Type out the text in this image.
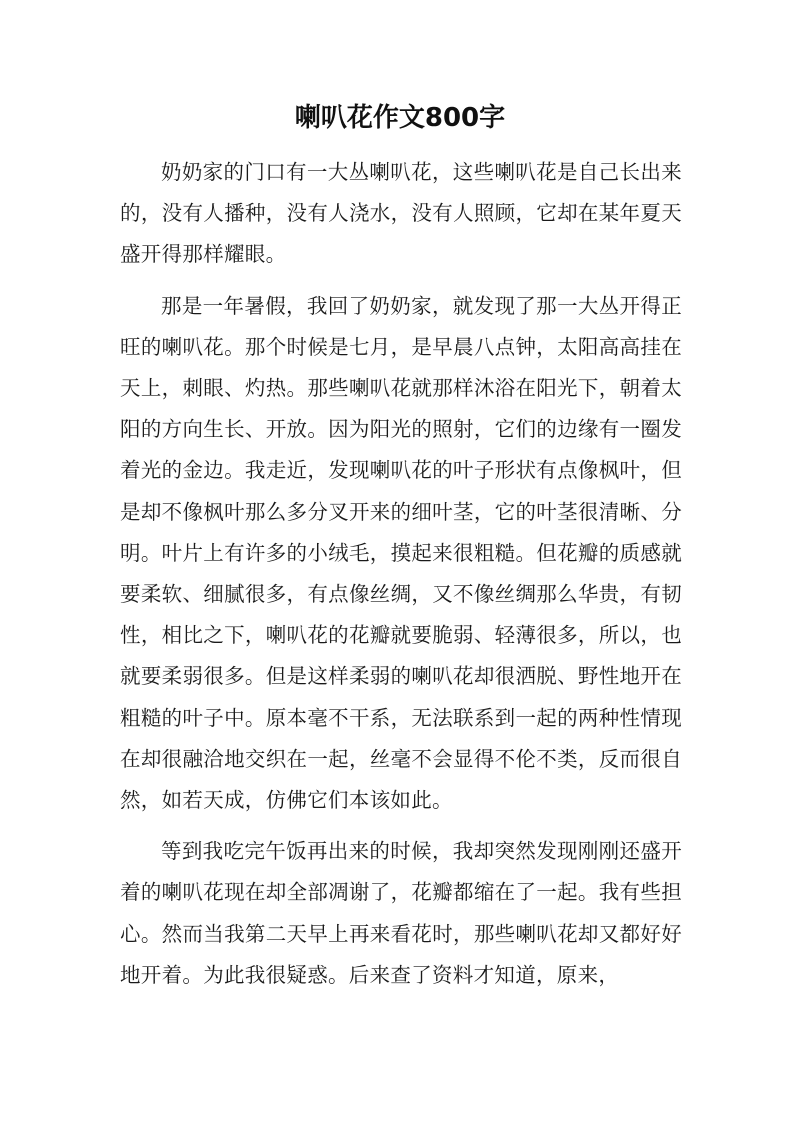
喇叭花作文800字

奶奶家的门口有一大丛喇叭花，这些喇叭花是自己长出来的，没有人播种，没有人浇水，没有人照顾，它却在某年夏天盛开得那样耀眼。

那是一年暑假，我回了奶奶家，就发现了那一大丛开得正旺的喇叭花。那个时候是七月，是早晨八点钟，太阳高高挂在天上，刺眼、灼热。那些喇叭花就那样沐浴在阳光下，朝着太阳的方向生长、开放。因为阳光的照射，它们的边缘有一圈发着光的金边。我走近，发现喇叭花的叶子形状有点像枫叶，但是却不像枫叶那么多分叉开来的细叶茎，它的叶茎很清晰、分明。叶片上有许多的小绒毛，摸起来很粗糙。但花瓣的质感就要柔软、细腻很多，有点像丝绸，又不像丝绸那么华贵，有韧性，相比之下，喇叭花的花瓣就要脆弱、轻薄很多，所以，也就要柔弱很多。但是这样柔弱的喇叭花却很洒脱、野性地开在粗糙的叶子中。原本毫不干系，无法联系到一起的两种性情现在却很融洽地交织在一起，丝毫不会显得不伦不类，反而很自然，如若天成，仿佛它们本该如此。

等到我吃完午饭再出来的时候，我却突然发现刚刚还盛开着的喇叭花现在却全部凋谢了，花瓣都缩在了一起。我有些担心。然而当我第二天早上再来看花时，那些喇叭花却又都好好地开着。为此我很疑惑。后来查了资料才知道，原来，
